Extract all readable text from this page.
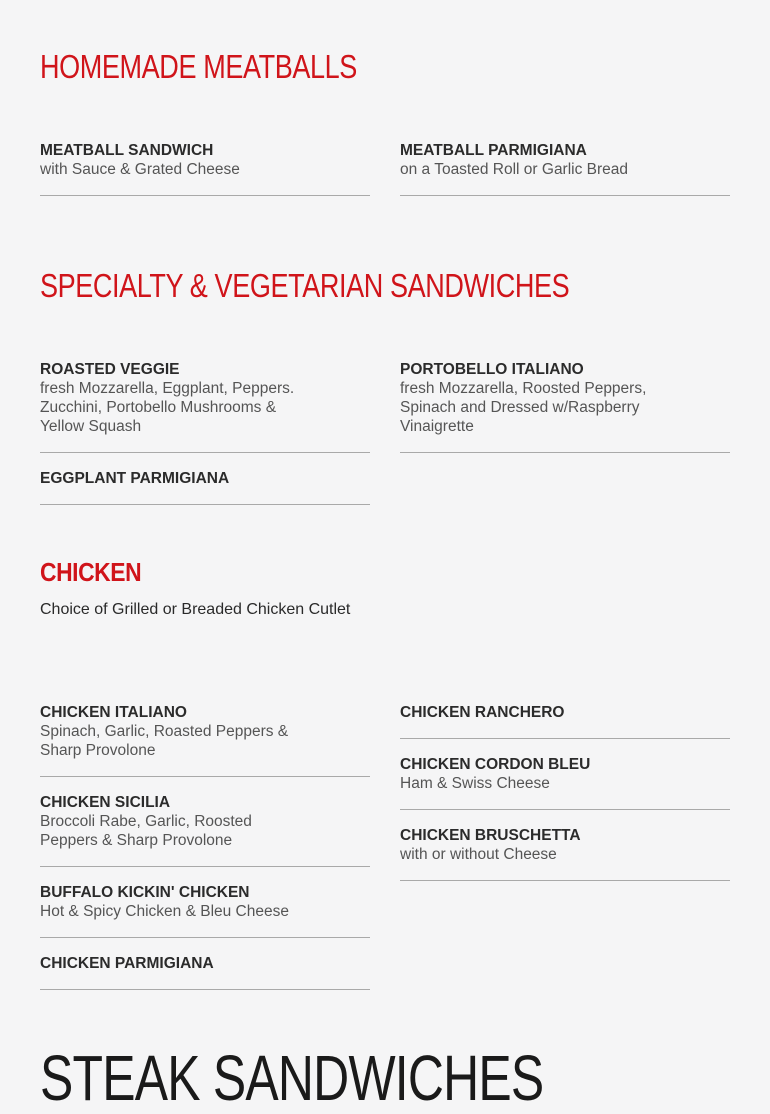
HOMEMADE MEATBALLS
MEATBALL SANDWICH
with Sauce & Grated Cheese
MEATBALL PARMIGIANA
on a Toasted Roll or Garlic Bread
SPECIALTY & VEGETARIAN SANDWICHES
ROASTED VEGGIE
fresh Mozzarella, Eggplant, Peppers. Zucchini, Portobello Mushrooms & Yellow Squash
EGGPLANT PARMIGIANA
PORTOBELLO ITALIANO
fresh Mozzarella, Roosted Peppers, Spinach and Dressed w/Raspberry Vinaigrette
CHICKEN
Choice of Grilled or Breaded Chicken Cutlet
CHICKEN ITALIANO
Spinach, Garlic, Roasted Peppers & Sharp Provolone
CHICKEN SICILIA
Broccoli Rabe, Garlic, Roosted Peppers & Sharp Provolone
BUFFALO KICKIN' CHICKEN
Hot & Spicy Chicken & Bleu Cheese
CHICKEN PARMIGIANA
CHICKEN RANCHERO
CHICKEN CORDON BLEU
Ham & Swiss Cheese
CHICKEN BRUSCHETTA
with or without Cheese
STEAK SANDWICHES
